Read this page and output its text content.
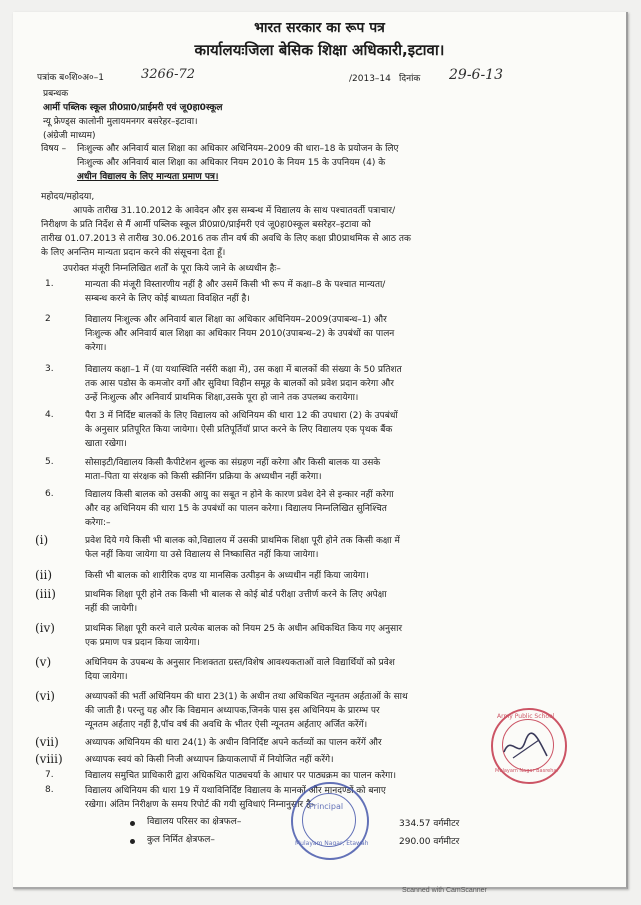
भारत सरकार का रूप पत्र
कार्यालयःजिला बेसिक शिक्षा अधिकारी,इटावा।
पत्रांक ब०शि०अ०–1	3266-72	/2013–14 दिनांक 29-6-13
प्रबन्धक
आर्मी पब्लिक स्कूल प्री0प्रा0/प्राईमरी एवं जू0हा0स्कूल
न्यू फ्रेण्ड्स कालोनी मुलायमनगर बसरेहर–इटावा।
(अंग्रेजी माध्यम)
विषय – निःशुल्क और अनिवार्य बाल शिक्षा का अधिकार अधिनियम–2009 की धारा–18 के प्रयोजन के लिए
निःशुल्क और अनिवार्य बाल शिक्षा का अधिकार नियम 2010 के नियम 15 के उपनियम (4) के
अधीन विद्यालय के लिए मान्यता प्रमाण पत्र।
महोदय/महोदया,
आपके तारीख 31.10.2012 के आवेदन और इस सम्बन्ध में विद्यालय के साथ पश्चातवर्ती पत्राचार/
निरीक्षण के प्रति निर्देश से मैं आर्मी पब्लिक स्कूल प्री0प्रा0/प्राईमरी एवं जू0हा0स्कूल बसरेहर–इटावा को
तारीख 01.07.2013 से तारीख 30.06.2016 तक तीन वर्ष की अवधि के लिए कक्षा प्री0प्राथमिक से आठ तक
के लिए अनन्तिम मान्यता प्रदान करने की संसूचना देता हूँ।
उपरोक्त मंजूरी निम्नलिखित शर्तों के पूरा किये जाने के अध्यधीन हैः–
1.	मान्यता की मंजूरी विस्तारणीय नहीं है और उसमें किसी भी रूप में कक्षा–8 के पश्चात मान्यता/
सम्बन्ध करने के लिए कोई बाध्यता विवक्षित नहीं है।
2	विद्यालय निःशुल्क और अनिवार्य बाल शिक्षा का अधिकार अधिनियम–2009(उपाबन्ध–1) और
निःशुल्क और अनिवार्य बाल शिक्षा का अधिकार नियम 2010(उपाबन्ध–2) के उपबंधों का पालन
करेगा।
3.	विद्यालय कक्षा–1 में (या यथास्थिति नर्सरी कक्षा में), उस कक्षा में बालकों की संख्या के 50 प्रतिशत
तक आस पडोस के कमजोर वर्गो और सुविधा विहीन समूह के बालकों को प्रवेश प्रदान करेगा और
उन्हें निःशुल्क और अनिवार्य प्राथमिक शिक्षा,उसके पूरा हो जाने तक उपलब्ध करायेगा।
4.	पैरा 3 में निर्दिष्ट बालकों के लिए विद्यालय को अधिनियम की धारा 12 की उपधारा (2) के उपबंधों
के अनुसार प्रतिपूरित किया जायेगा। ऐसी प्रतिपूर्तियॉ प्राप्त करने के लिए विद्यालय एक पृथक बैंक
खाता रखेगा।
5.	सोसाइटी/विद्यालय किसी कैपीटेशन शुल्क का संग्रहण नहीं करेगा और किसी बालक या उसके
माता–पिता या संरक्षक को किसी स्क्रीनिंग प्रक्रिया के अध्यधीन नहीं करेगा।
6.	विद्यालय किसी बालक को उसकी आयु का सबूत न होने के कारण प्रवेश देने से इन्कार नहीं करेगा
और वह अधिनियम की धारा 15 के उपबंधों का पालन करेगा। विद्यालय निम्नलिखित सुनिश्चित
करेगा:–
(i)	प्रवेश दिये गये किसी भी बालक को,विद्यालय में उसकी प्राथमिक शिक्षा पूरी होने तक किसी कक्षा में
फेल नहीं किया जायेगा या उसे विद्यालय से निष्कासित नहीं किया जायेगा।
(ii)	किसी भी बालक को शारीरिक दण्ड या मानसिक उत्पीड़न के अध्यधीन नहीं किया जायेगा।
(iii)	प्राथमिक शिक्षा पूरी होने तक किसी भी बालक से कोई बोर्ड परीक्षा उत्तीर्ण करने के लिए अपेक्षा
नहीं की जायेगी।
(iv)	प्राथमिक शिक्षा पूरी करने वाले प्रत्येक बालक को नियम 25 के अधीन अधिकथित किय गए अनुसार
एक प्रमाण पत्र प्रदान किया जायेगा।
(v)	अधिनियम के उपबन्ध के अनुसार निःशक्तता ग्रस्त/विशेष आवश्यकताओं वाले विद्यार्थियों को प्रवेश
दिया जायेगा।
(vi)	अध्यापकों की भर्ती अधिनियम की धारा 23(1) के अधीन तथा अधिकथित न्यूनतम अर्हताओं के साथ
की जाती है। परन्तु यह और कि विद्यमान अध्यापक,जिनके पास इस अधिनियम के प्रारम्भ पर
न्यूनतम अर्हताए नहीं है,पॉच वर्ष की अवधि के भीतर ऐसी न्यूनतम अर्हताए अर्जित करेंगें।
(vii)	अध्यापक अधिनियम की धारा 24(1) के अधीन विनिर्दिष्ट अपने कर्तव्यों का पालन करेंगें और
(viii) अध्यापक स्वयं को किसी निजी अध्यापन क्रियाकलापों में नियोजित नहीं करेंगे।
7.	विद्यालय समुचित प्राधिकारी द्वारा अधिकथित पाठ्यचर्या के आधार पर पाठ्यक्रम का पालन करेगा।
8.	विद्यालय अधिनियम की धारा 19 में यथाविनिर्दिष्ट विद्यालय के मानकों और मानदण्डों को बनाए
रखेगा। अंतिम निरीक्षण के समय रिपोर्ट की गयी सुविधाएं निम्नानुसार है–
विद्यालय परिसर का क्षेत्रफल–	334.57 वर्गमीटर
कुल निर्मित क्षेत्रफल–	290.00 वर्गमीटर
Principal
Mulayam Nagar, Etawah
Army Public School
Mulayam Nagar Basrehar
Scanned with CamScanner
